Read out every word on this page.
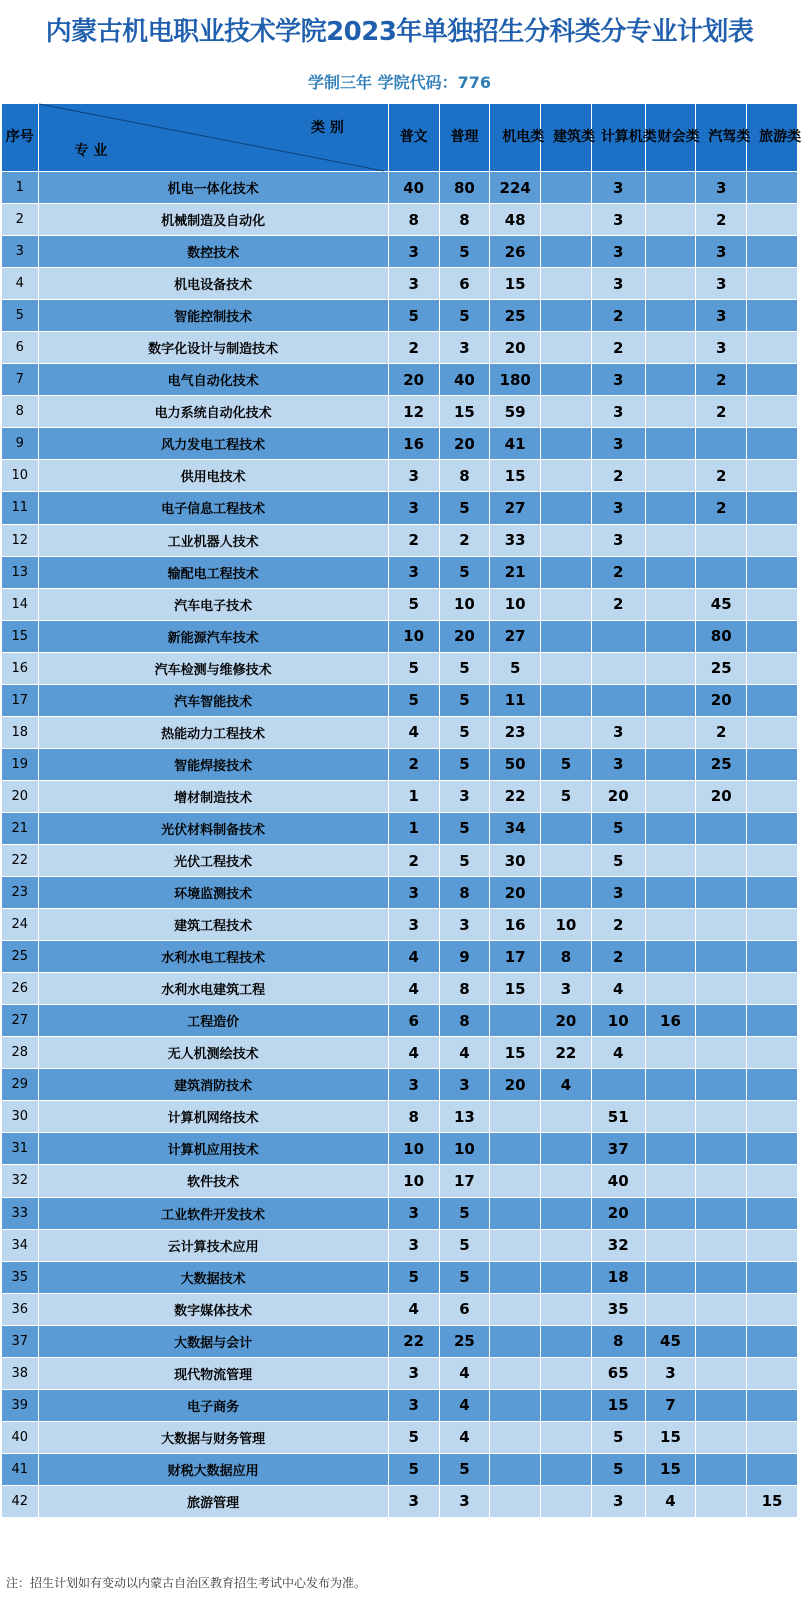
内蒙古机电职业技术学院2023年单独招生分科类分专业计划表
学制三年 学院代码：776
序号	类 别
专 业	普文	普理	机电类	建筑类	计算机类	财会类	汽驾类	旅游类
1	机电一体化技术	40	80	224		3		3	
2	机械制造及自动化	8	8	48		3		2	
3	数控技术	3	5	26		3		3	
4	机电设备技术	3	6	15		3		3	
5	智能控制技术	5	5	25		2		3	
6	数字化设计与制造技术	2	3	20		2		3	
7	电气自动化技术	20	40	180		3		2	
8	电力系统自动化技术	12	15	59		3		2	
9	风力发电工程技术	16	20	41		3			
10	供用电技术	3	8	15		2		2	
11	电子信息工程技术	3	5	27		3		2	
12	工业机器人技术	2	2	33		3			
13	输配电工程技术	3	5	21		2			
14	汽车电子技术	5	10	10		2		45	
15	新能源汽车技术	10	20	27				80	
16	汽车检测与维修技术	5	5	5				25	
17	汽车智能技术	5	5	11				20	
18	热能动力工程技术	4	5	23		3		2	
19	智能焊接技术	2	5	50	5	3		25	
20	增材制造技术	1	3	22	5	20		20	
21	光伏材料制备技术	1	5	34		5			
22	光伏工程技术	2	5	30		5			
23	环境监测技术	3	8	20		3			
24	建筑工程技术	3	3	16	10	2			
25	水利水电工程技术	4	9	17	8	2			
26	水利水电建筑工程	4	8	15	3	4			
27	工程造价	6	8		20	10	16		
28	无人机测绘技术	4	4	15	22	4			
29	建筑消防技术	3	3	20	4				
30	计算机网络技术	8	13			51			
31	计算机应用技术	10	10			37			
32	软件技术	10	17			40			
33	工业软件开发技术	3	5			20			
34	云计算技术应用	3	5			32			
35	大数据技术	5	5			18			
36	数字媒体技术	4	6			35			
37	大数据与会计	22	25			8	45		
38	现代物流管理	3	4			65	3		
39	电子商务	3	4			15	7		
40	大数据与财务管理	5	4			5	15		
41	财税大数据应用	5	5			5	15		
42	旅游管理	3	3			3	4		15
注：招生计划如有变动以内蒙古自治区教育招生考试中心发布为准。
